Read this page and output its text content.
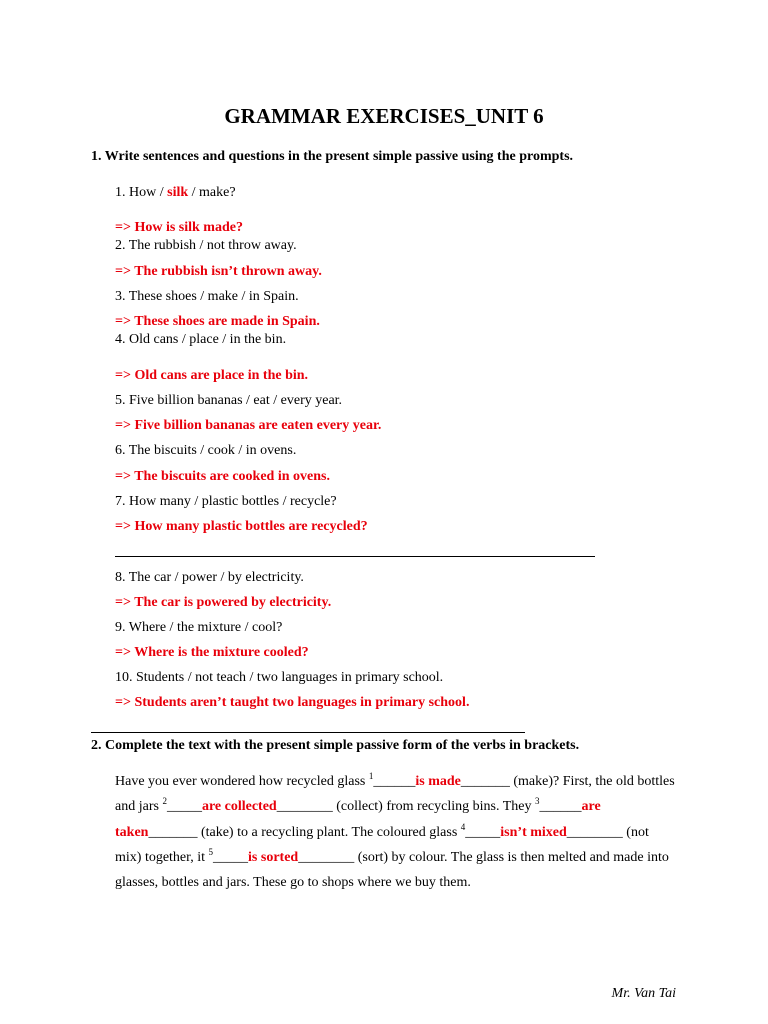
GRAMMAR EXERCISES_UNIT 6
1. Write sentences and questions in the present simple passive using the prompts.
1. How / silk / make?
=> How is silk made?
2. The rubbish / not throw away.
=> The rubbish isn’t thrown away.
3. These shoes / make / in Spain.
=> These shoes are made in Spain.
4. Old cans / place / in the bin.
=> Old cans are place in the bin.
5. Five billion bananas / eat / every year.
=> Five billion bananas are eaten every year.
6. The biscuits / cook / in ovens.
=> The biscuits are cooked in ovens.
7. How many / plastic bottles / recycle?
=> How many plastic bottles are recycled?
8. The car / power / by electricity.
=> The car is powered by electricity.
9. Where / the mixture / cool?
=> Where is the mixture cooled?
10. Students / not teach / two languages in primary school.
=> Students aren’t taught two languages in primary school.
2. Complete the text with the present simple passive form of the verbs in brackets.
Have you ever wondered how recycled glass $^1$______is made_______ (make)? First, the old bottles and jars $^2$_____are collected________ (collect) from recycling bins. They $^3$______are taken_______ (take) to a recycling plant. The coloured glass $^4$_____isn’t mixed________ (not mix) together, it $^5$_____is sorted________ (sort) by colour. The glass is then melted and made into glasses, bottles and jars. These go to shops where we buy them.
Mr. Van Tai
